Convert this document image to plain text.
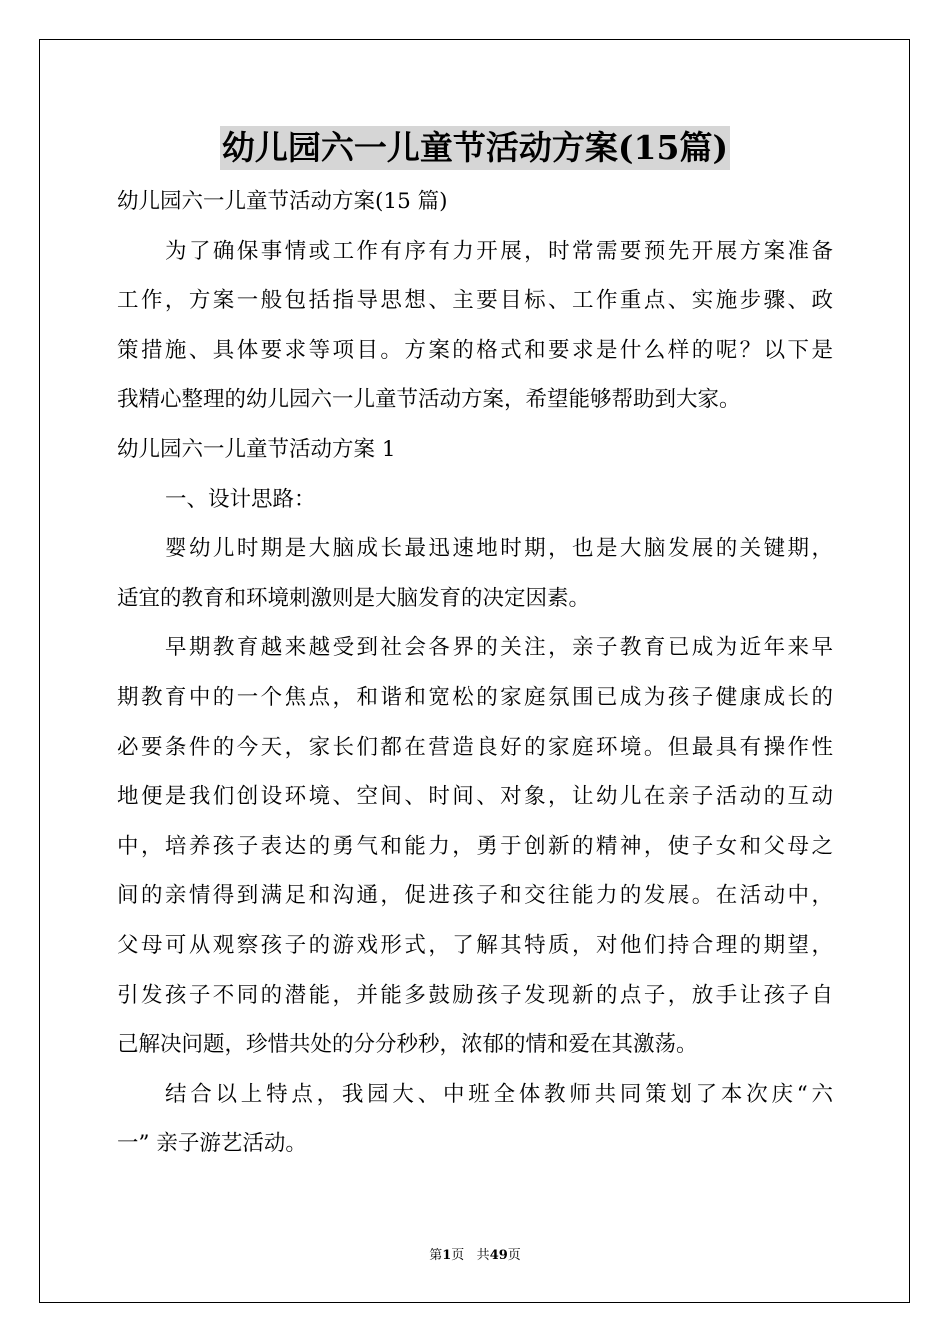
幼儿园六一儿童节活动方案(15篇)
幼儿园六一儿童节活动方案(15 篇)
为了确保事情或工作有序有力开展，时常需要预先开展方案准备
工作，方案一般包括指导思想、主要目标、工作重点、实施步骤、政
策措施、具体要求等项目。方案的格式和要求是什么样的呢？以下是
我精心整理的幼儿园六一儿童节活动方案，希望能够帮助到大家。
幼儿园六一儿童节活动方案 1
一、设计思路：
婴幼儿时期是大脑成长最迅速地时期，也是大脑发展的关键期，
适宜的教育和环境刺激则是大脑发育的决定因素。
早期教育越来越受到社会各界的关注，亲子教育已成为近年来早
期教育中的一个焦点，和谐和宽松的家庭氛围已成为孩子健康成长的
必要条件的今天，家长们都在营造良好的家庭环境。但最具有操作性
地便是我们创设环境、空间、时间、对象，让幼儿在亲子活动的互动
中，培养孩子表达的勇气和能力，勇于创新的精神，使子女和父母之
间的亲情得到满足和沟通，促进孩子和交往能力的发展。在活动中，
父母可从观察孩子的游戏形式，了解其特质，对他们持合理的期望，
引发孩子不同的潜能，并能多鼓励孩子发现新的点子，放手让孩子自
己解决问题，珍惜共处的分分秒秒，浓郁的情和爱在其激荡。
结合以上特点，我园大、中班全体教师共同策划了本次庆“六
一” 亲子游艺活动。
第1页 共49页
